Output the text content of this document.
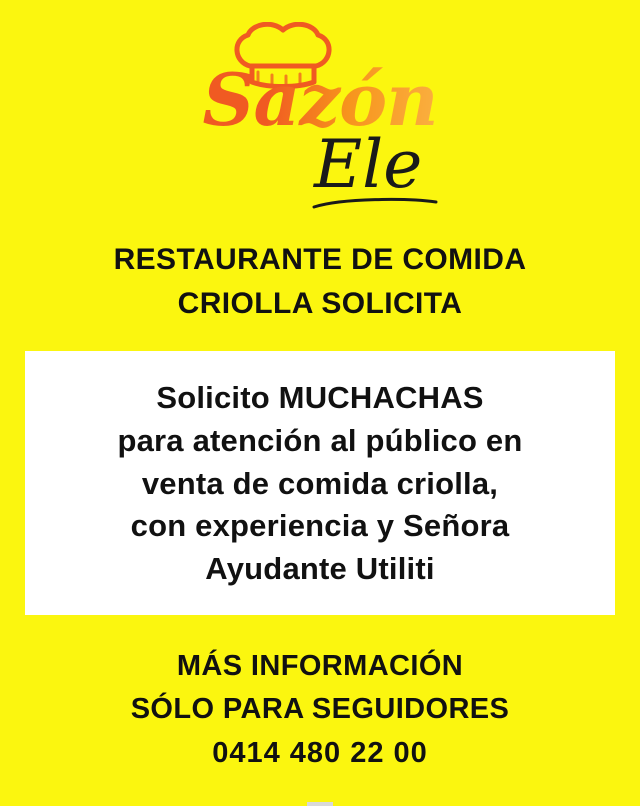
Sazón
Ele
RESTAURANTE DE COMIDA
CRIOLLA SOLICITA
Solicito MUCHACHAS
para atención al público en
venta de comida criolla,
con experiencia y Señora
Ayudante Utiliti
MÁS INFORMACIÓN
SÓLO PARA SEGUIDORES
0414 480 22 00
